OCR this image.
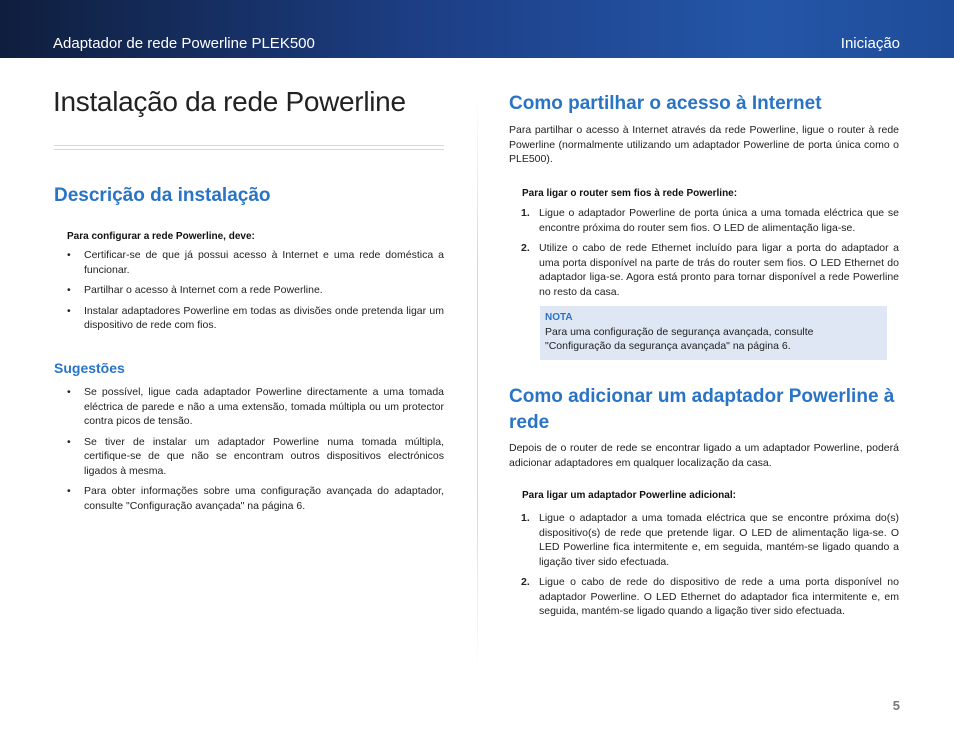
Adaptador de rede Powerline PLEK500	Iniciação
Instalação da rede Powerline
Descrição da instalação
Para configurar a rede Powerline, deve:
• Certificar-se de que já possui acesso à Internet e uma rede doméstica a funcionar.
• Partilhar o acesso à Internet com a rede Powerline.
• Instalar adaptadores Powerline em todas as divisões onde pretenda ligar um dispositivo de rede com fios.
Sugestões
• Se possível, ligue cada adaptador Powerline directamente a uma tomada eléctrica de parede e não a uma extensão, tomada múltipla ou um protector contra picos de tensão.
• Se tiver de instalar um adaptador Powerline numa tomada múltipla, certifique-se de que não se encontram outros dispositivos electrónicos ligados à mesma.
• Para obter informações sobre uma configuração avançada do adaptador, consulte "Configuração avançada" na página 6.
Como partilhar o acesso à Internet

Para partilhar o acesso à Internet através da rede Powerline, ligue o router à rede Powerline (normalmente utilizando um adaptador Powerline de porta única como o PLE500).

Para ligar o router sem fios à rede Powerline:
1. Ligue o adaptador Powerline de porta única a uma tomada eléctrica que se encontre próxima do router sem fios. O LED de alimentação liga-se.
2. Utilize o cabo de rede Ethernet incluído para ligar a porta do adaptador a uma porta disponível na parte de trás do router sem fios. O LED Ethernet do adaptador liga-se. Agora está pronto para tornar disponível a rede Powerline no resto da casa.
NOTA
Para uma configuração de segurança avançada, consulte "Configuração da segurança avançada" na página 6.
Como adicionar um adaptador Powerline à rede

Depois de o router de rede se encontrar ligado a um adaptador Powerline, poderá adicionar adaptadores em qualquer localização da casa.

Para ligar um adaptador Powerline adicional:
1. Ligue o adaptador a uma tomada eléctrica que se encontre próxima do(s) dispositivo(s) de rede que pretende ligar. O LED de alimentação liga-se. O LED Powerline fica intermitente e, em seguida, mantém-se ligado quando a ligação tiver sido efectuada.
2. Ligue o cabo de rede do dispositivo de rede a uma porta disponível no adaptador Powerline. O LED Ethernet do adaptador fica intermitente e, em seguida, mantém-se ligado quando a ligação tiver sido efectuada.
5
